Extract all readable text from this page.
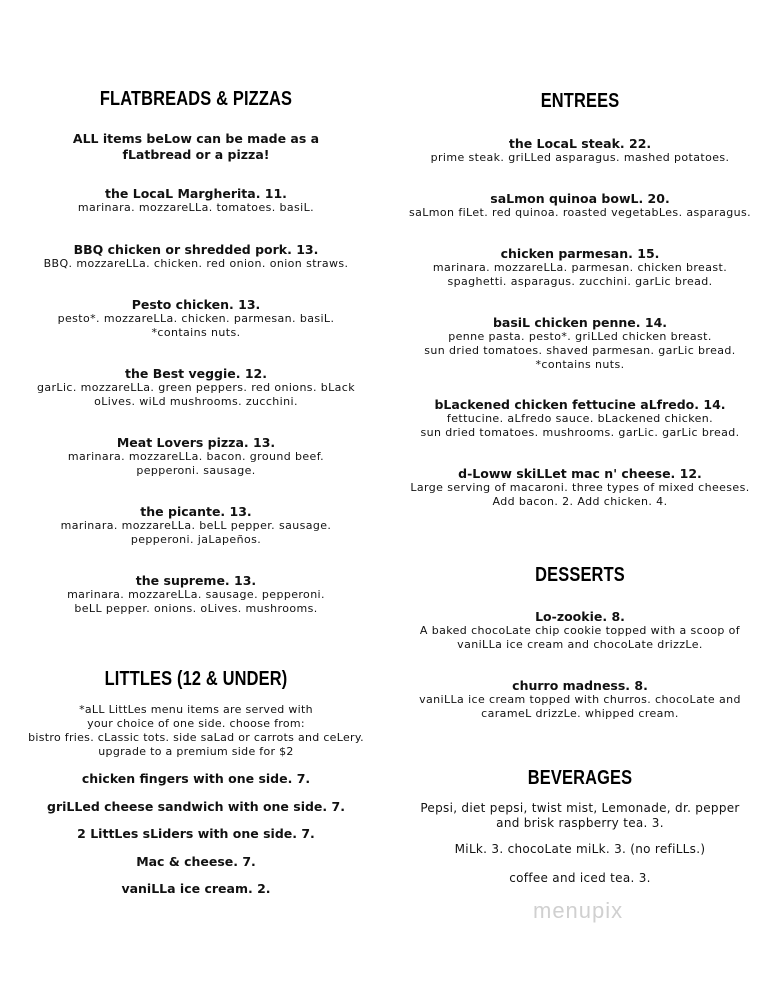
FLATBREADS & PIZZAS
ALL items beLow can be made as a
fLatbread or a pizza!
the LocaL Margherita. 11.
marinara. mozzareLLa. tomatoes. basiL.
BBQ chicken or shredded pork. 13.
BBQ. mozzareLLa. chicken. red onion. onion straws.
Pesto chicken. 13.
pesto*. mozzareLLa. chicken. parmesan. basiL.
*contains nuts.
the Best veggie. 12.
garLic. mozzareLLa. green peppers. red onions. bLack
oLives. wiLd mushrooms. zucchini.
Meat Lovers pizza. 13.
marinara. mozzareLLa. bacon. ground beef.
pepperoni. sausage.
the picante. 13.
marinara. mozzareLLa. beLL pepper. sausage.
pepperoni. jaLapeños.
the supreme. 13.
marinara. mozzareLLa. sausage. pepperoni.
beLL pepper. onions. oLives. mushrooms.
LITTLES (12 & UNDER)
*aLL LittLes menu items are served with
your choice of one side. choose from:
bistro fries. cLassic tots. side saLad or carrots and ceLery.
upgrade to a premium side for $2
chicken fingers with one side. 7.
griLLed cheese sandwich with one side. 7.
2 LittLes sLiders with one side. 7.
Mac & cheese. 7.
vaniLLa ice cream. 2.
ENTREES
the LocaL steak. 22.
prime steak. griLLed asparagus. mashed potatoes.
saLmon quinoa bowL. 20.
saLmon fiLet. red quinoa. roasted vegetabLes. asparagus.
chicken parmesan. 15.
marinara. mozzareLLa. parmesan. chicken breast.
spaghetti. asparagus. zucchini. garLic bread.
basiL chicken penne. 14.
penne pasta. pesto*. griLLed chicken breast.
sun dried tomatoes. shaved parmesan. garLic bread.
*contains nuts.
bLackened chicken fettucine aLfredo. 14.
fettucine. aLfredo sauce. bLackened chicken.
sun dried tomatoes. mushrooms. garLic. garLic bread.
d-Loww skiLLet mac n' cheese. 12.
Large serving of macaroni. three types of mixed cheeses.
Add bacon. 2. Add chicken. 4.
DESSERTS
Lo-zookie. 8.
A baked chocoLate chip cookie topped with a scoop of
vaniLLa ice cream and chocoLate drizzLe.
churro madness. 8.
vaniLLa ice cream topped with churros. chocoLate and
carameL drizzLe. whipped cream.
BEVERAGES
Pepsi, diet pepsi, twist mist, Lemonade, dr. pepper
and brisk raspberry tea. 3.
MiLk. 3. chocoLate miLk. 3. (no refiLLs.)
coffee and iced tea. 3.
menupix
